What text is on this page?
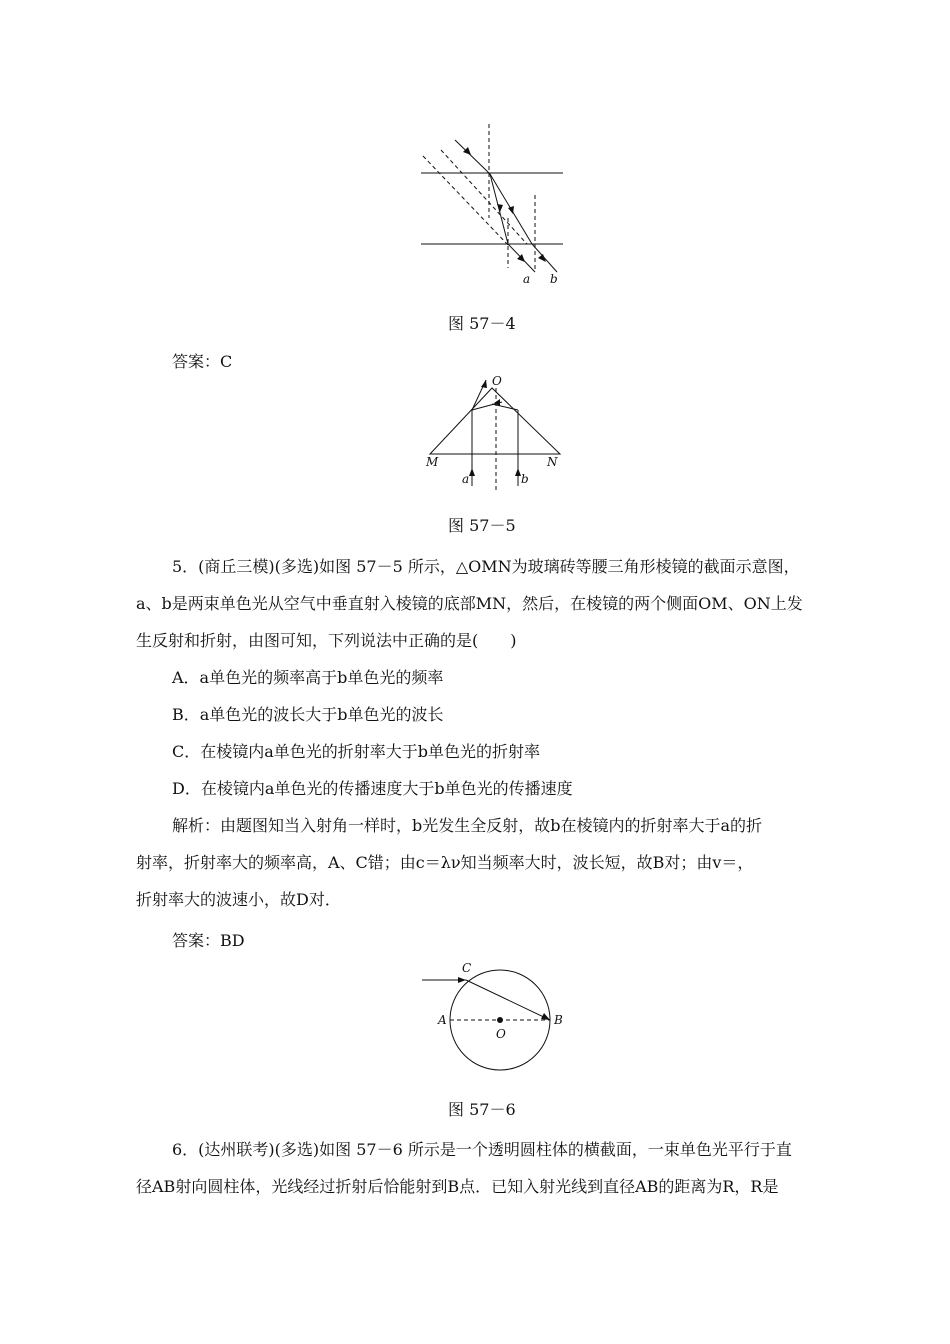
a b
图 57－4
答案：C
O
M	N
a	b
图 57－5
5．(商丘三模)(多选)如图 57－5 所示，△OMN为玻璃砖等腰三角形棱镜的截面示意图，
a、b是两束单色光从空气中垂直射入棱镜的底部MN，然后，在棱镜的两个侧面OM、ON上发
生反射和折射，由图可知，下列说法中正确的是(　　)
A．a单色光的频率高于b单色光的频率
B．a单色光的波长大于b单色光的波长
C．在棱镜内a单色光的折射率大于b单色光的折射率
D．在棱镜内a单色光的传播速度大于b单色光的传播速度
解析：由题图知当入射角一样时，b光发生全反射，故b在棱镜内的折射率大于a的折
射率，折射率大的频率高，A、C错；由c＝λν知当频率大时，波长短，故B对；由v＝，
折射率大的波速小，故D对．
答案：BD
C
A	B
O
图 57－6
6．(达州联考)(多选)如图 57－6 所示是一个透明圆柱体的横截面，一束单色光平行于直
径AB射向圆柱体，光线经过折射后恰能射到B点．已知入射光线到直径AB的距离为R，R是
